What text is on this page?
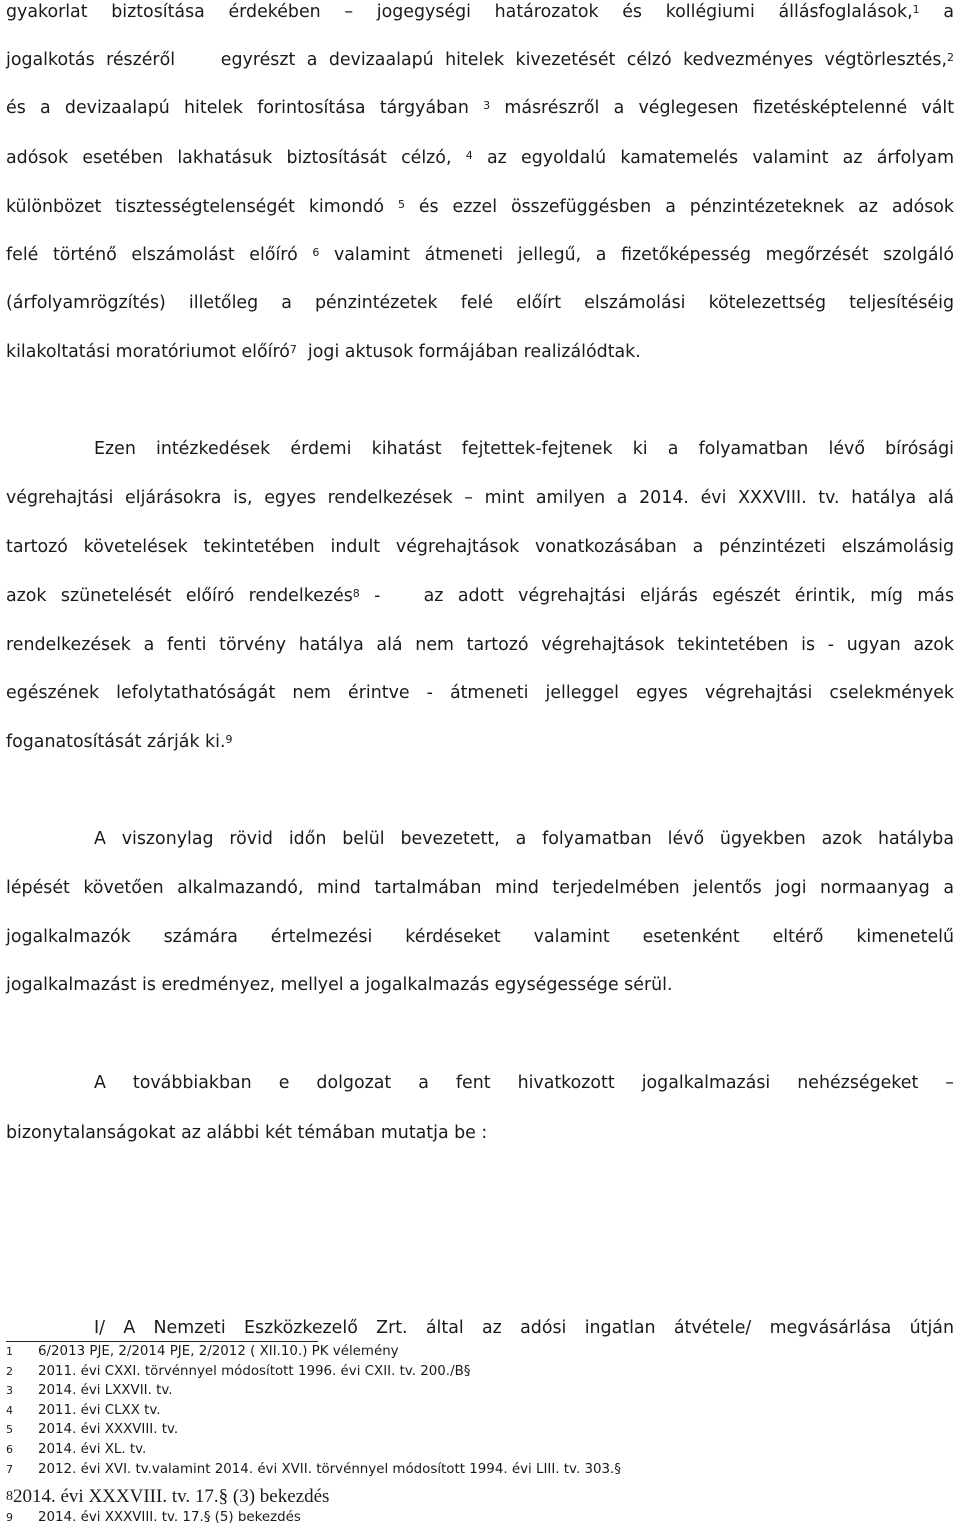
gyakorlat biztosítása érdekében – jogegységi határozatok és kollégiumi állásfoglalások,$^1$ a
jogalkotás részéről    egyrészt a devizaalapú hitelek kivezetését célzó kedvezményes végtörlesztés,$^2$
és a devizaalapú hitelek forintosítása tárgyában $^3$ másrészről a véglegesen fizetésképtelenné vált
adósok esetében lakhatásuk biztosítását célzó, $^4$ az egyoldalú kamatemelés valamint az árfolyam
különbözet tisztességtelenségét kimondó $^5$ és ezzel összefüggésben a pénzintézeteknek az adósok
felé történő elszámolást előíró $^6$ valamint átmeneti jellegű, a fizetőképesség megőrzését szolgáló
(árfolyamrögzítés) illetőleg a pénzintézetek felé előírt elszámolási kötelezettség teljesítéséig
kilakoltatási moratóriumot előíró$^7$  jogi aktusok formájában realizálódtak.
Ezen intézkedések érdemi kihatást fejtettek-fejtenek ki a folyamatban lévő bírósági
végrehajtási eljárásokra is, egyes rendelkezések – mint amilyen a 2014. évi XXXVIII. tv. hatálya alá
tartozó követelések tekintetében indult végrehajtások vonatkozásában a pénzintézeti elszámolásig
azok szünetelését előíró rendelkezés$^8$ -   az adott végrehajtási eljárás egészét érintik, míg más
rendelkezések a fenti törvény hatálya alá nem tartozó végrehajtások tekintetében is - ugyan azok
egészének lefolytathatóságát nem érintve - átmeneti jelleggel egyes végrehajtási cselekmények
foganatosítását zárják ki.$^9$
A viszonylag rövid időn belül bevezetett, a folyamatban lévő ügyekben azok hatályba
lépését követően alkalmazandó, mind tartalmában mind terjedelmében jelentős jogi normaanyag a
jogalkalmazók számára értelmezési kérdéseket valamint esetenként eltérő kimenetelű
jogalkalmazást is eredményez, mellyel a jogalkalmazás egységessége sérül.
A továbbiakban e dolgozat a fent hivatkozott jogalkalmazási nehézségeket –
bizonytalanságokat az alábbi két témában mutatja be :
I/ A Nemzeti Eszközkezelő Zrt. által az adósi ingatlan átvétele/ megvásárlása útján
1 6/2013 PJE, 2/2014 PJE, 2/2012 ( XII.10.) PK vélemény
2 2011. évi CXXI. törvénnyel módosított 1996. évi CXII. tv. 200./B§
3 2014. évi LXXVII. tv.
4 2011. évi CLXX tv.
5 2014. évi XXXVIII. tv.
6 2014. évi XL. tv.
7 2012. évi XVI. tv.valamint 2014. évi XVII. törvénnyel módosított 1994. évi LIII. tv. 303.§
$^8$2014. évi XXXVIII. tv. 17.§ (3) bekezdés
9 2014. évi XXXVIII. tv. 17.§ (5) bekezdés
